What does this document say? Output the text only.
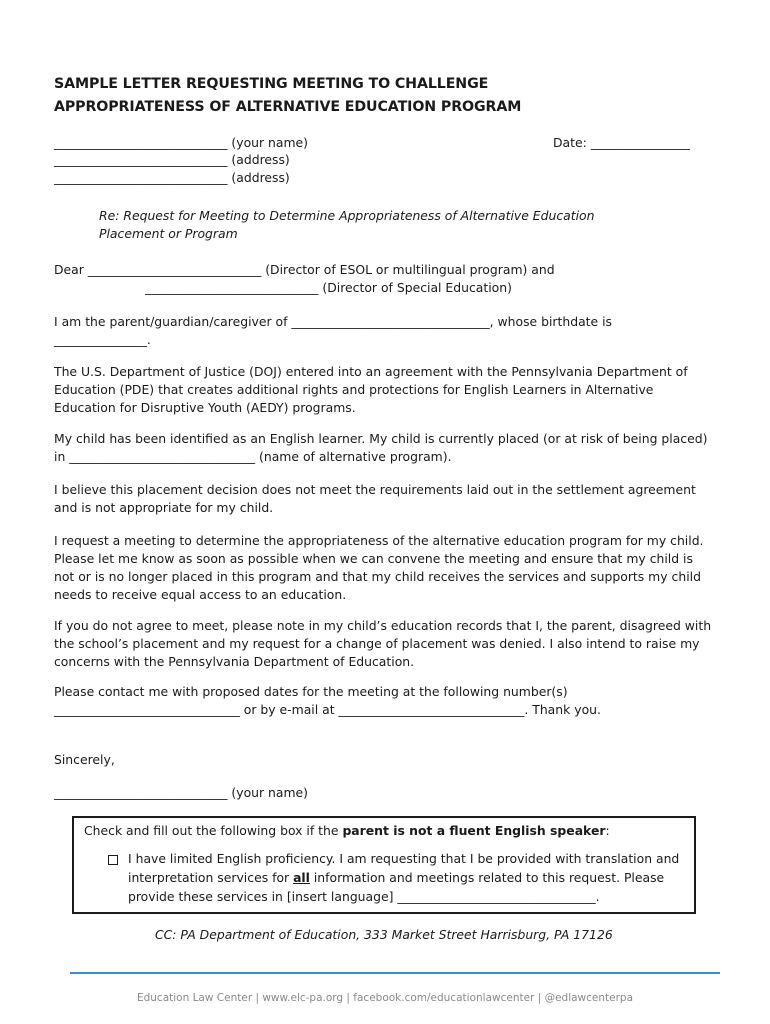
SAMPLE LETTER REQUESTING MEETING TO CHALLENGE
APPROPRIATENESS OF ALTERNATIVE EDUCATION PROGRAM
____________________________ (your name)
____________________________ (address)
____________________________ (address)
Date: ________________
Re: Request for Meeting to Determine Appropriateness of Alternative Education
Placement or Program
Dear ____________________________ (Director of ESOL or multilingual program) and
____________________________ (Director of Special Education)
I am the parent/guardian/caregiver of ________________________________, whose birthdate is
_______________.
The U.S. Department of Justice (DOJ) entered into an agreement with the Pennsylvania Department of Education (PDE) that creates additional rights and protections for English Learners in Alternative Education for Disruptive Youth (AEDY) programs.
My child has been identified as an English learner. My child is currently placed (or at risk of being placed) in ______________________________ (name of alternative program).
I believe this placement decision does not meet the requirements laid out in the settlement agreement and is not appropriate for my child.
I request a meeting to determine the appropriateness of the alternative education program for my child. Please let me know as soon as possible when we can convene the meeting and ensure that my child is not or is no longer placed in this program and that my child receives the services and supports my child needs to receive equal access to an education.
If you do not agree to meet, please note in my child’s education records that I, the parent, disagreed with the school’s placement and my request for a change of placement was denied. I also intend to raise my concerns with the Pennsylvania Department of Education.
Please contact me with proposed dates for the meeting at the following number(s)
______________________________ or by e-mail at ______________________________. Thank you.
Sincerely,
____________________________ (your name)
Check and fill out the following box if the parent is not a fluent English speaker:
I have limited English proficiency. I am requesting that I be provided with translation and
interpretation services for all information and meetings related to this request. Please
provide these services in [insert language] ________________________________.
CC: PA Department of Education, 333 Market Street Harrisburg, PA 17126
Education Law Center | www.elc-pa.org | facebook.com/educationlawcenter | @edlawcenterpa
